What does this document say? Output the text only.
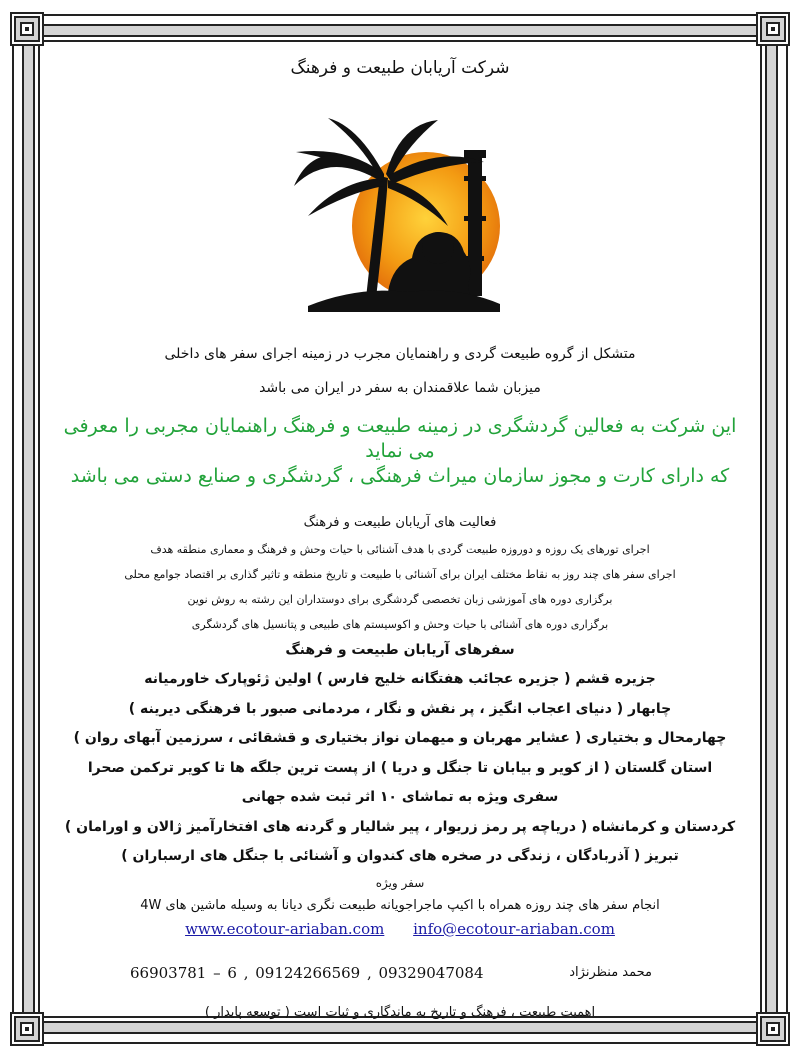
شرکت آریابان طبیعت و فرهنگ
متشکل از گروه طبیعت گردی و راهنمایان مجرب در زمینه اجرای سفر های داخلی
میزبان شما علاقمندان به سفر در ایران می باشد
این شرکت به فعالین گردشگری در زمینه طبیعت و فرهنگ راهنمایان مجربی را معرفی می نماید
که دارای کارت و مجوز سازمان میراث فرهنگی ، گردشگری و صنایع دستی می باشد
فعالیت های آریابان طبیعت و فرهنگ
اجرای تورهای یک روزه و دوروزه طبیعت گردی با هدف آشنائی با حیات وحش و فرهنگ و معماری منطقه هدف
اجرای سفر های چند روز به نقاط مختلف ایران برای آشنائی با طبیعت و تاریخ منطقه و تاثیر گذاری بر اقتصاد جوامع محلی
برگزاری دوره های آموزشی زبان تخصصی گردشگری برای دوستداران این رشته به روش نوین
برگزاری دوره های آشنائی با حیات وحش و اکوسیستم های طبیعی و پتانسیل های گردشگری
سفرهای آریابان طبیعت و فرهنگ
جزیره قشم ( جزیره عجائب هفتگانه خلیج فارس ) اولین ژئوپارک خاورمیانه
چابهار ( دنیای اعجاب انگیز ، پر نقش و نگار ، مردمانی صبور با فرهنگی دیرینه )
چهارمحال و بختیاری ( عشایر مهربان و میهمان نواز بختیاری و قشقائی ، سرزمین آبهای روان )
استان گلستان ( از کویر و بیابان تا جنگل و دریا ) از پست ترین جلگه ها تا کویر ترکمن صحرا
سفری ویژه به تماشای ۱۰ اثر ثبت شده جهانی
کردستان و کرمانشاه ( دریاچه پر رمز زریوار ، پیر شالیار و گردنه های افتخارآمیز ژالان و اورامان )
تبریز ( آذربادگان ، زندگی در صخره های کندوان و آشنائی با جنگل های ارسباران )
سفر ویژه
انجام سفر های چند روزه همراه با اکیپ ماجراجویانه طبیعت نگری دیانا به وسیله ماشین های 4W
www.ecotour-ariaban.com info@ecotour-ariaban.com
66903781 – 6 , 09124266569 , 09329047084	محمد منظرنژاد
اهمیت طبیعت ، فرهنگ و تاریخ به ماندگاری و ثبات است ( توسعه پایدار )
